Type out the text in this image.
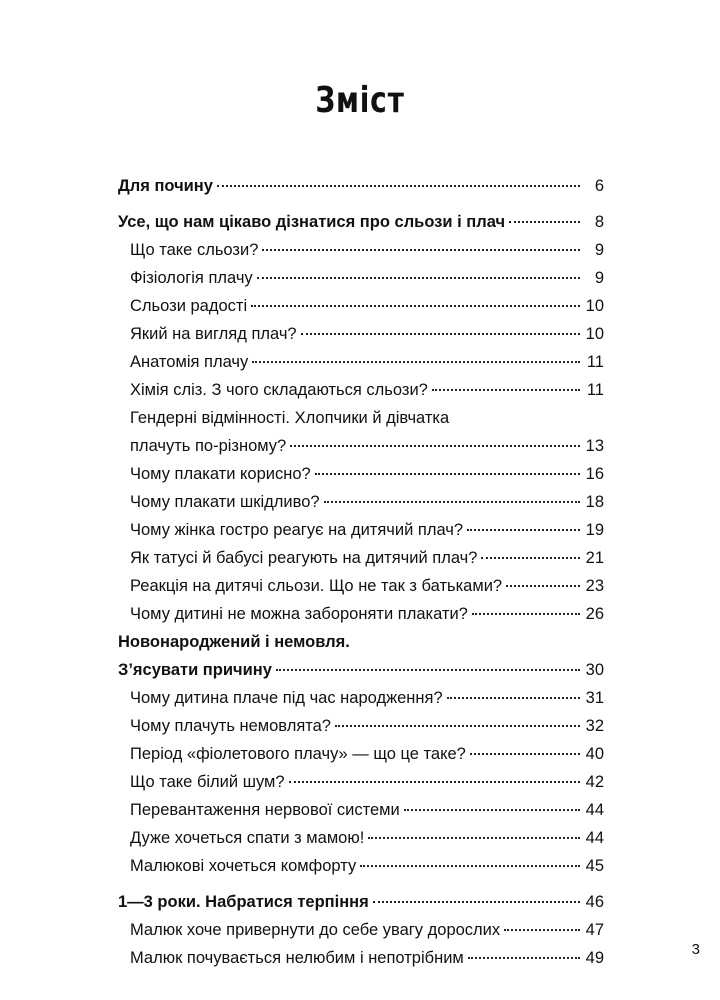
Зміст
Для почину	6
Усе, що нам цікаво дізнатися про сльози і плач	8
Що таке сльози?	9
Фізіологія плачу	9
Сльози радості	10
Який на вигляд плач?	10
Анатомія плачу	11
Хімія сліз. З чого складаються сльози?	11
Гендерні відмінності. Хлопчики й дівчатка
плачуть по-різному?	13
Чому плакати корисно?	16
Чому плакати шкідливо?	18
Чому жінка гостро реагує на дитячий плач?	19
Як татусі й бабусі реагують на дитячий плач?	21
Реакція на дитячі сльози. Що не так з батьками?	23
Чому дитині не можна забороняти плакати?	26
Новонароджений і немовля.
З’ясувати причину	30
Чому дитина плаче під час народження?	31
Чому плачуть немовлята?	32
Період «фіолетового плачу» — що це таке?	40
Що таке білий шум?	42
Перевантаження нервової системи	44
Дуже хочеться спати з мамою!	44
Малюкові хочеться комфорту	45
1—3 роки. Набратися терпіння	46
Малюк хоче привернути до себе увагу дорослих	47
Малюк почувається нелюбим і непотрібним	49	3
